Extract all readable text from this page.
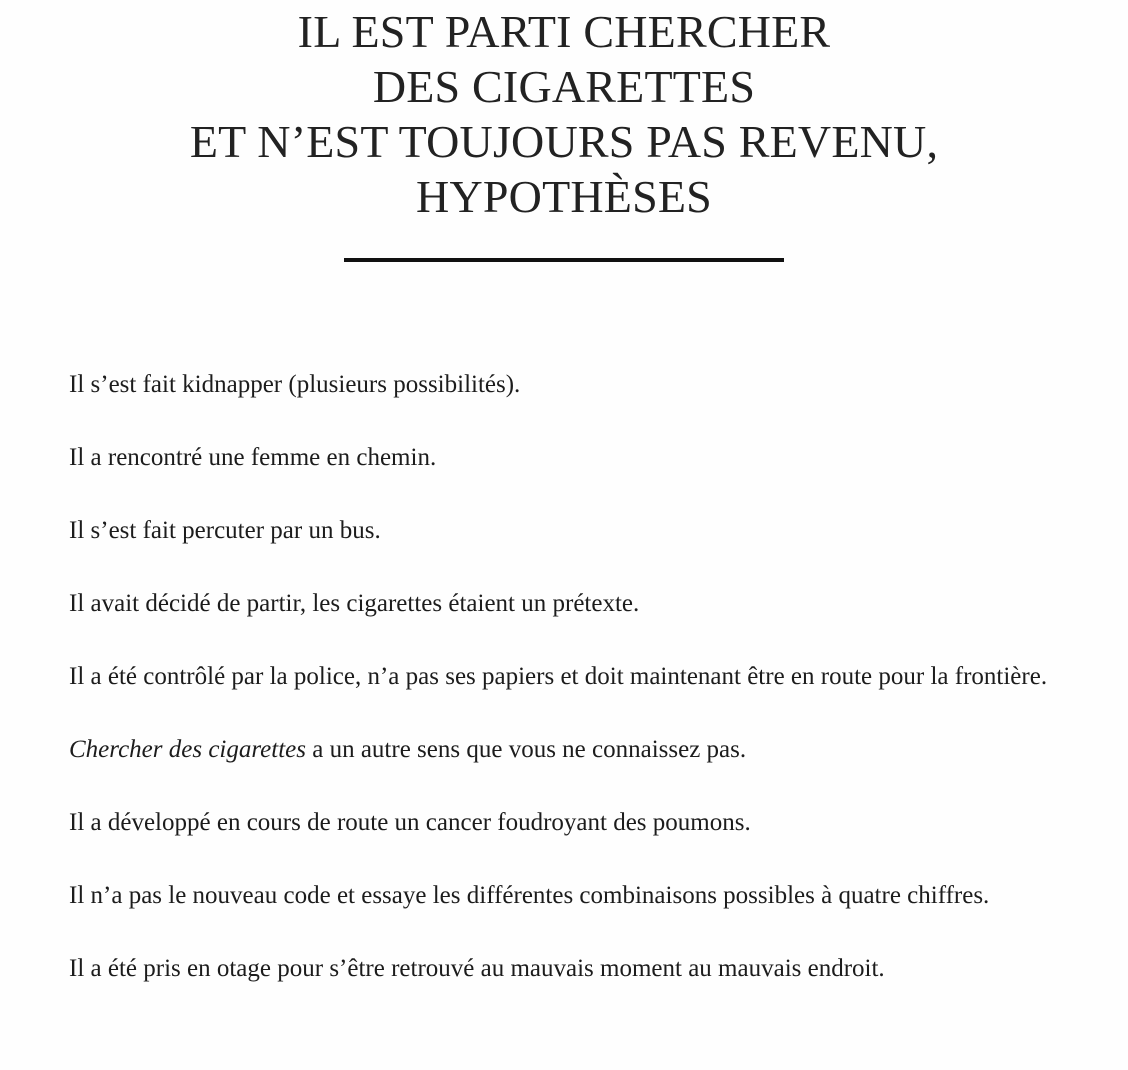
IL EST PARTI CHERCHER
DES CIGARETTES
ET N’EST TOUJOURS PAS REVENU,
HYPOTHÈSES

Il s’est fait kidnapper (plusieurs possibilités).

Il a rencontré une femme en chemin.

Il s’est fait percuter par un bus.

Il avait décidé de partir, les cigarettes étaient un prétexte.

Il a été contrôlé par la police, n’a pas ses papiers et doit maintenant être en route pour la frontière.

Chercher des cigarettes a un autre sens que vous ne connaissez pas.

Il a développé en cours de route un cancer foudroyant des poumons.

Il n’a pas le nouveau code et essaye les différentes combinaisons possibles à quatre chiffres.

Il a été pris en otage pour s’être retrouvé au mauvais moment au mauvais endroit.
